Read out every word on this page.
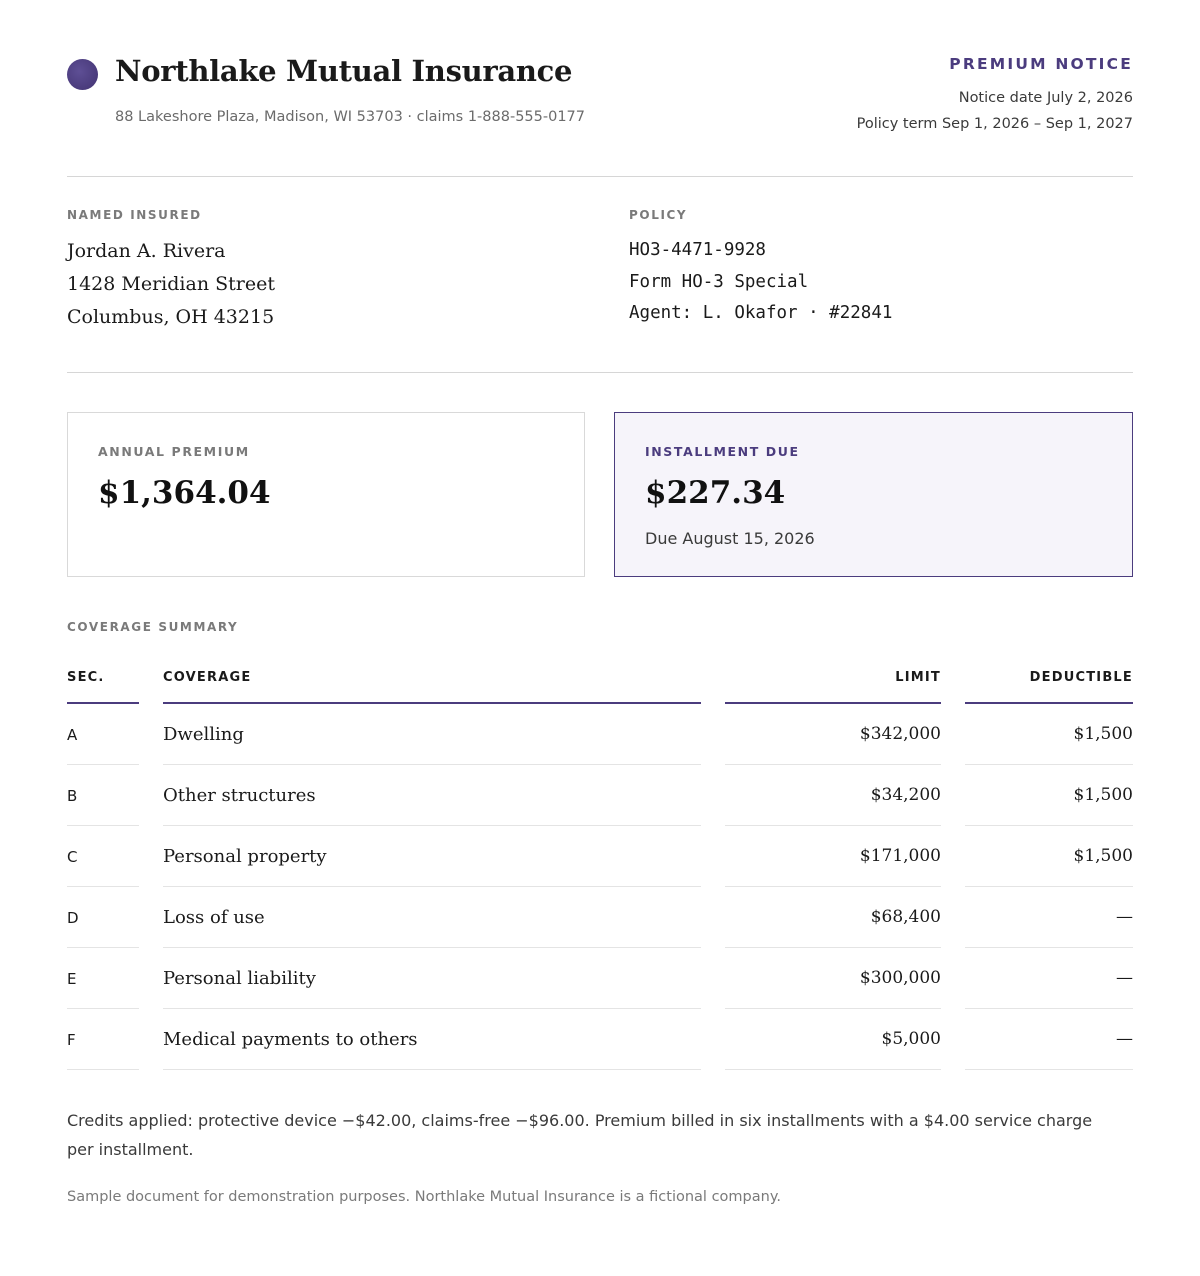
Northlake Mutual Insurance
88 Lakeshore Plaza, Madison, WI 53703 · claims 1-888-555-0177
PREMIUM NOTICE
Notice date July 2, 2026
Policy term Sep 1, 2026 – Sep 1, 2027
NAMED INSURED
Jordan A. Rivera
1428 Meridian Street
Columbus, OH 43215
POLICY
HO3-4471-9928
Form HO-3 Special
Agent: L. Okafor · #22841
ANNUAL PREMIUM
$1,364.04
INSTALLMENT DUE
$227.34
Due August 15, 2026
COVERAGE SUMMARY
SEC.	COVERAGE	LIMIT	DEDUCTIBLE
A	Dwelling	$342,000	$1,500
B	Other structures	$34,200	$1,500
C	Personal property	$171,000	$1,500
D	Loss of use	$68,400	—
E	Personal liability	$300,000	—
F	Medical payments to others	$5,000	—
Credits applied: protective device −$42.00, claims-free −$96.00. Premium billed in six installments with a $4.00 service charge per installment.
Sample document for demonstration purposes. Northlake Mutual Insurance is a fictional company.
